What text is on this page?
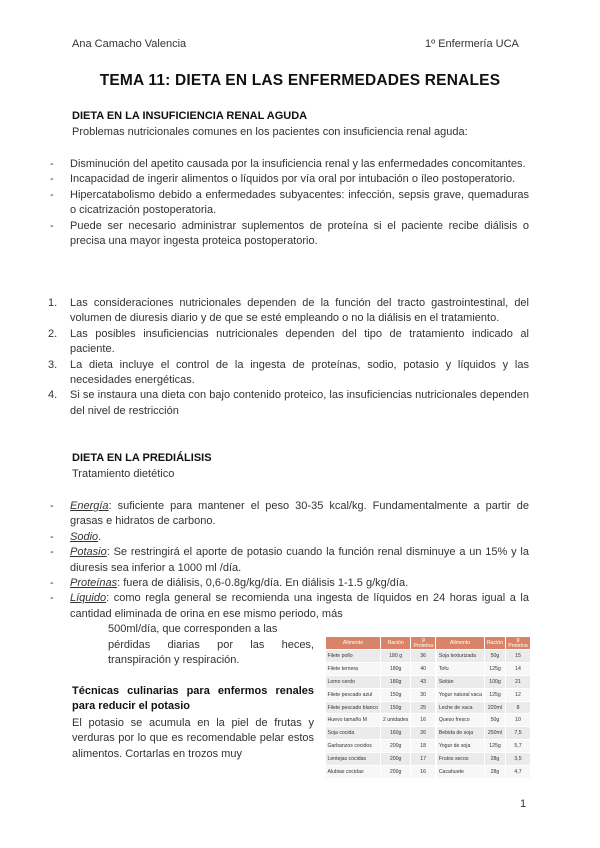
Ana Camacho Valencia	1º Enfermería UCA
TEMA 11: DIETA EN LAS ENFERMEDADES RENALES
DIETA EN LA INSUFICIENCIA RENAL AGUDA
Problemas nutricionales comunes en los pacientes con insuficiencia renal aguda:
- Disminución del apetito causada por la insuficiencia renal y las enfermedades concomitantes.
- Incapacidad de ingerir alimentos o líquidos por vía oral por intubación o íleo postoperatorio.
- Hipercatabolismo debido a enfermedades subyacentes: infección, sepsis grave, quemaduras o cicatrización postoperatoria.
- Puede ser necesario administrar suplementos de proteína si el paciente recibe diálisis o precisa una mayor ingesta proteica postoperatorio.
1. Las consideraciones nutricionales dependen de la función del tracto gastrointestinal, del volumen de diuresis diario y de que se esté empleando o no la diálisis en el tratamiento.
2. Las posibles insuficiencias nutricionales dependen del tipo de tratamiento indicado al paciente.
3. La dieta incluye el control de la ingesta de proteínas, sodio, potasio y líquidos y las necesidades energéticas.
4. Si se instaura una dieta con bajo contenido proteico, las insuficiencias nutricionales dependen del nivel de restricción
DIETA EN LA PREDIÁLISIS
Tratamiento dietético
- Energía: suficiente para mantener el peso 30-35 kcal/kg. Fundamentalmente a partir de grasas e hidratos de carbono.
- Sodio.
- Potasio: Se restringirá el aporte de potasio cuando la función renal disminuye a un 15% y la diuresis sea inferior a 1000 ml /día.
- Proteínas: fuera de diálisis, 0,6-0.8g/kg/día. En diálisis 1-1.5 g/kg/día.
- Líquido: como regla general se recomienda una ingesta de líquidos en 24 horas igual a la cantidad eliminada de orina en ese mismo periodo, más
500ml/día, que corresponden a las
pérdidas diarias por las heces, transpiración y respiración.
Técnicas culinarias para enfermos renales para reducir el potasio
El potasio se acumula en la piel de frutas y verduras por lo que es recomendable pelar estos alimentos. Cortarlas en trozos muy
Alimento	Ración	g Proteína	Alimento	Ración	g Proteína
Filete pollo	180 g	36	Soja texturizada	50g	15
Filete ternera	180g	40	Tofu	125g	14
Lomo cerdo	180g	43	Seitán	100g	21
Filete pescado azul	150g	30	Yogur natural vaca	125g	12
Filete pescado blanco	150g	25	Leche de vaca	220ml	8
Huevo tamaño M	2 unidades	16	Queso fresco	50g	10
Soja cocida	160g	26	Bebida de soja	250ml	7,5
Garbanzos cocidos	200g	18	Yogur de soja	125g	5,7
Lentejas cocidas	200g	17	Frutos secos	28g	3,5
Alubias cocidas	200g	16	Cacahuete	28g	4,7
1
